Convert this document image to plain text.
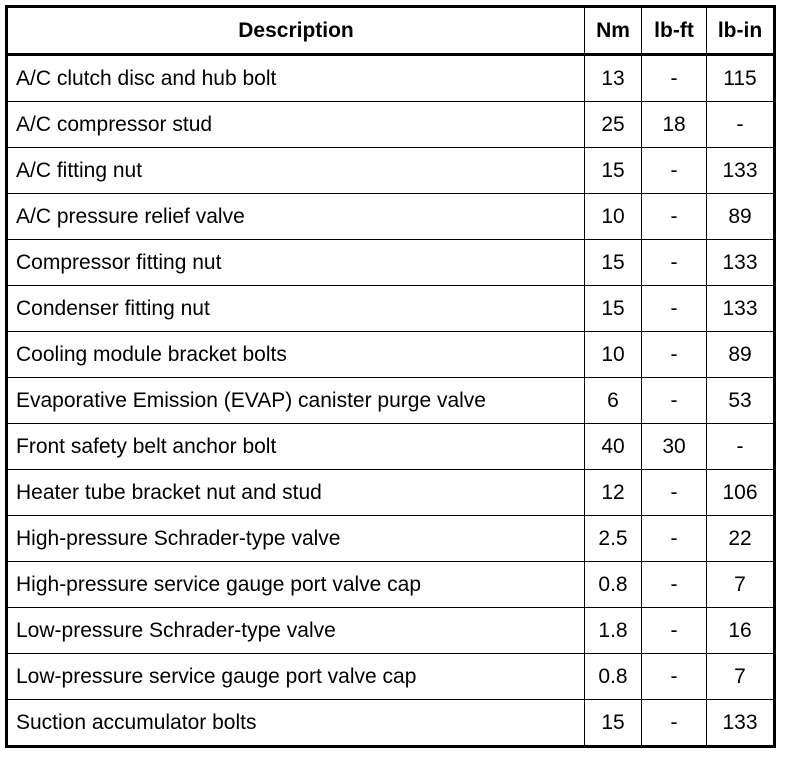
Description	Nm	lb-ft	lb-in
A/C clutch disc and hub bolt	13	-	115
A/C compressor stud	25	18	-
A/C fitting nut	15	-	133
A/C pressure relief valve	10	-	89
Compressor fitting nut	15	-	133
Condenser fitting nut	15	-	133
Cooling module bracket bolts	10	-	89
Evaporative Emission (EVAP) canister purge valve	6	-	53
Front safety belt anchor bolt	40	30	-
Heater tube bracket nut and stud	12	-	106
High-pressure Schrader-type valve	2.5	-	22
High-pressure service gauge port valve cap	0.8	-	7
Low-pressure Schrader-type valve	1.8	-	16
Low-pressure service gauge port valve cap	0.8	-	7
Suction accumulator bolts	15	-	133
